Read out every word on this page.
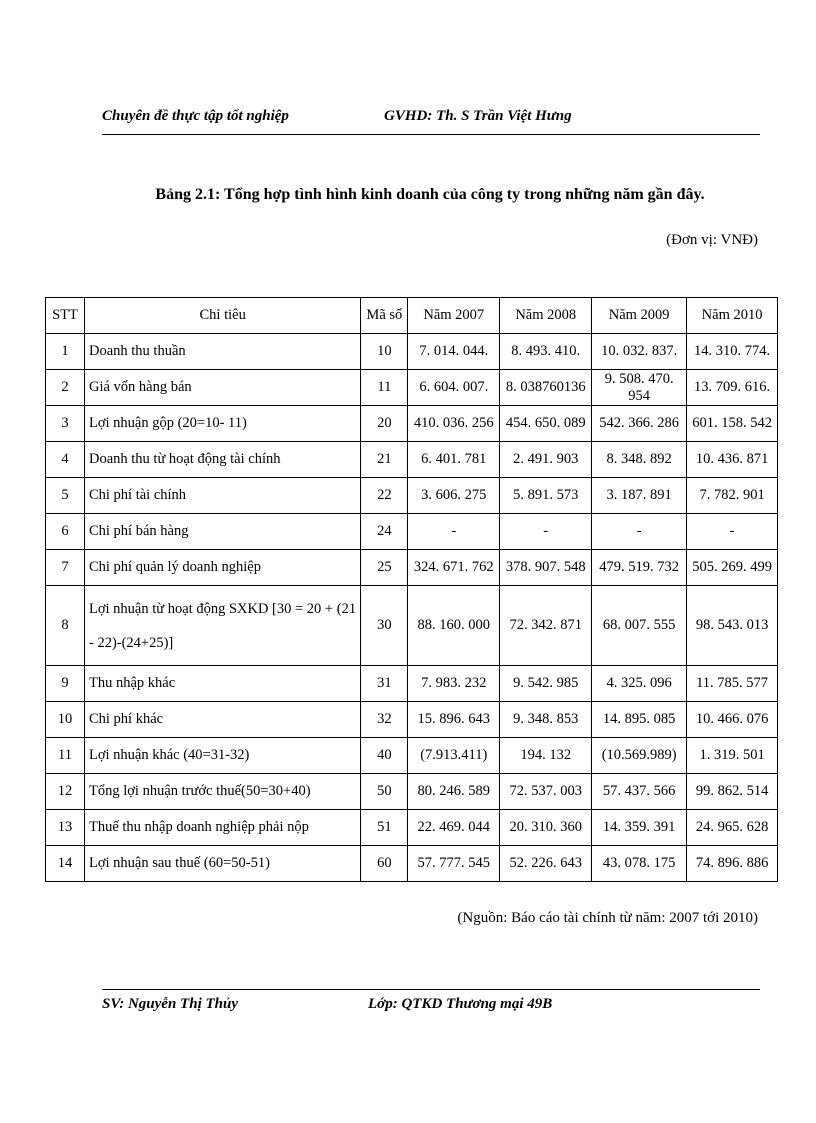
Chuyên đề thực tập tốt nghiệp	GVHD: Th. S Trần Việt Hưng
Bảng 2.1: Tổng hợp tình hình kinh doanh của công ty trong những năm gần đây.
(Đơn vị: VNĐ)
STT	Chỉ tiêu	Mã số	Năm 2007	Năm 2008	Năm 2009	Năm 2010
1	Doanh thu thuần	10	7. 014. 044.	8. 493. 410.	10. 032. 837.	14. 310. 774.
2	Giá vốn hàng bán	11	6. 604. 007.	8. 038760136	9. 508. 470. 954	13. 709. 616.
3	Lợi nhuận gộp (20=10- 11)	20	410. 036. 256	454. 650. 089	542. 366. 286	601. 158. 542
4	Doanh thu từ hoạt động tài chính	21	6. 401. 781	2. 491. 903	8. 348. 892	10. 436. 871
5	Chi phí tài chính	22	3. 606. 275	5. 891. 573	3. 187. 891	7. 782. 901
6	Chi phí bán hàng	24	-	-	-	-
7	Chi phí quản lý doanh nghiệp	25	324. 671. 762	378. 907. 548	479. 519. 732	505. 269. 499
8	Lợi nhuận từ hoạt động SXKD [30 = 20 + (21 - 22)-(24+25)]	30	88. 160. 000	72. 342. 871	68. 007. 555	98. 543. 013
9	Thu nhập khác	31	7. 983. 232	9. 542. 985	4. 325. 096	11. 785. 577
10	Chi phí khác	32	15. 896. 643	9. 348. 853	14. 895. 085	10. 466. 076
11	Lợi nhuận khác (40=31-32)	40	(7.913.411)	194. 132	(10.569.989)	1. 319. 501
12	Tổng lợi nhuận trước thuế(50=30+40)	50	80. 246. 589	72. 537. 003	57. 437. 566	99. 862. 514
13	Thuế thu nhập doanh nghiệp phải nộp	51	22. 469. 044	20. 310. 360	14. 359. 391	24. 965. 628
14	Lợi nhuận sau thuế (60=50-51)	60	57. 777. 545	52. 226. 643	43. 078. 175	74. 896. 886
(Nguồn: Báo cáo tài chính từ năm: 2007 tới 2010)
SV: Nguyễn Thị Thủy	Lớp: QTKD Thương mại 49B
